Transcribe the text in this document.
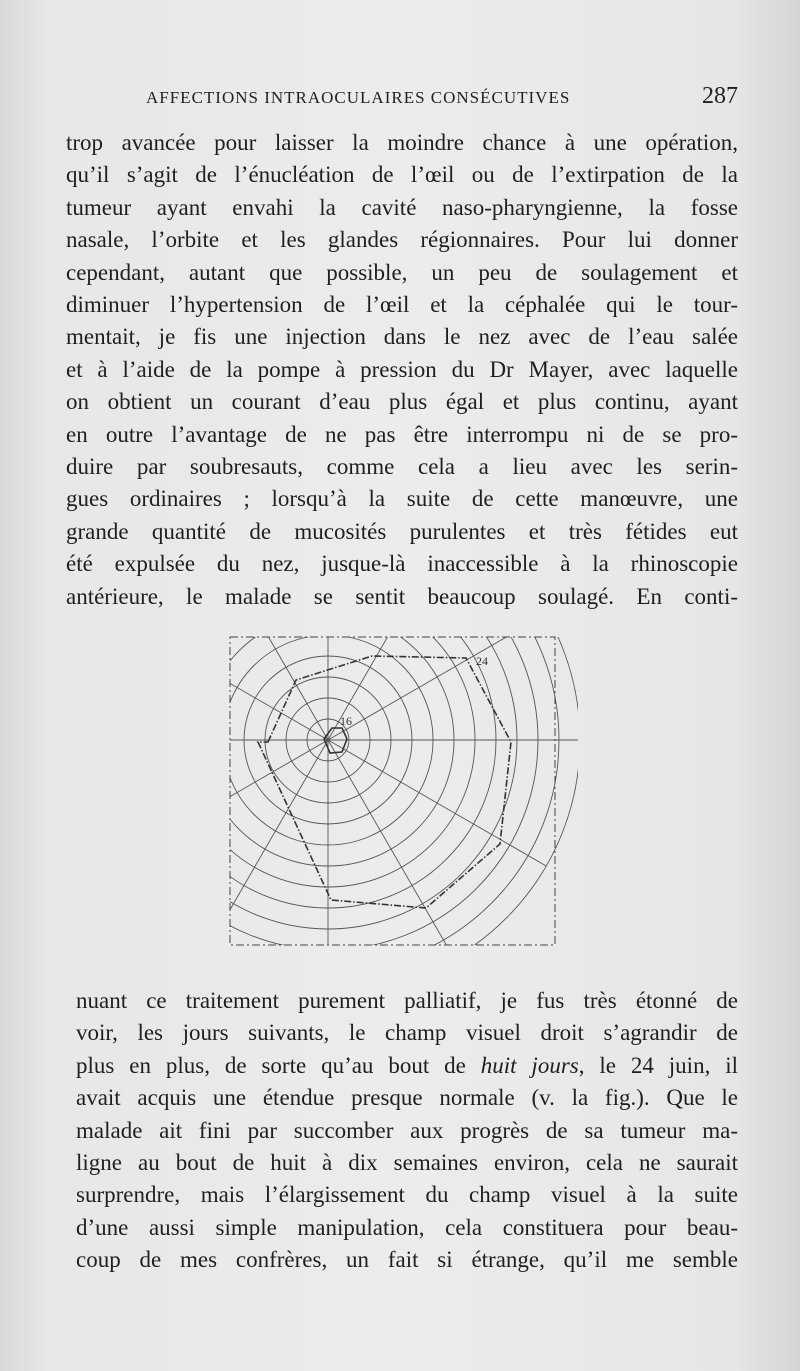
AFFECTIONS INTRAOCULAIRES CONSÉCUTIVES	287

trop avancée pour laisser la moindre chance à une opération,
qu’il s’agit de l’énucléation de l’œil ou de l’extirpation de la
tumeur ayant envahi la cavité naso-pharyngienne, la fosse
nasale, l’orbite et les glandes régionnaires. Pour lui donner
cependant, autant que possible, un peu de soulagement et
diminuer l’hypertension de l’œil et la céphalée qui le tour-
mentait, je fis une injection dans le nez avec de l’eau salée
et à l’aide de la pompe à pression du Dr Mayer, avec laquelle
on obtient un courant d’eau plus égal et plus continu, ayant
en outre l’avantage de ne pas être interrompu ni de se pro-
duire par soubresauts, comme cela a lieu avec les serin-
gues ordinaires ; lorsqu’à la suite de cette manœuvre, une
grande quantité de mucosités purulentes et très fétides eut
été expulsée du nez, jusque-là inaccessible à la rhinoscopie
antérieure, le malade se sentit beaucoup soulagé. En conti-

24
16

nuant ce traitement purement palliatif, je fus très étonné de
voir, les jours suivants, le champ visuel droit s’agrandir de
plus en plus, de sorte qu’au bout de huit jours, le 24 juin, il
avait acquis une étendue presque normale (v. la fig.). Que le
malade ait fini par succomber aux progrès de sa tumeur ma-
ligne au bout de huit à dix semaines environ, cela ne saurait
surprendre, mais l’élargissement du champ visuel à la suite
d’une aussi simple manipulation, cela constituera pour beau-
coup de mes confrères, un fait si étrange, qu’il me semble
